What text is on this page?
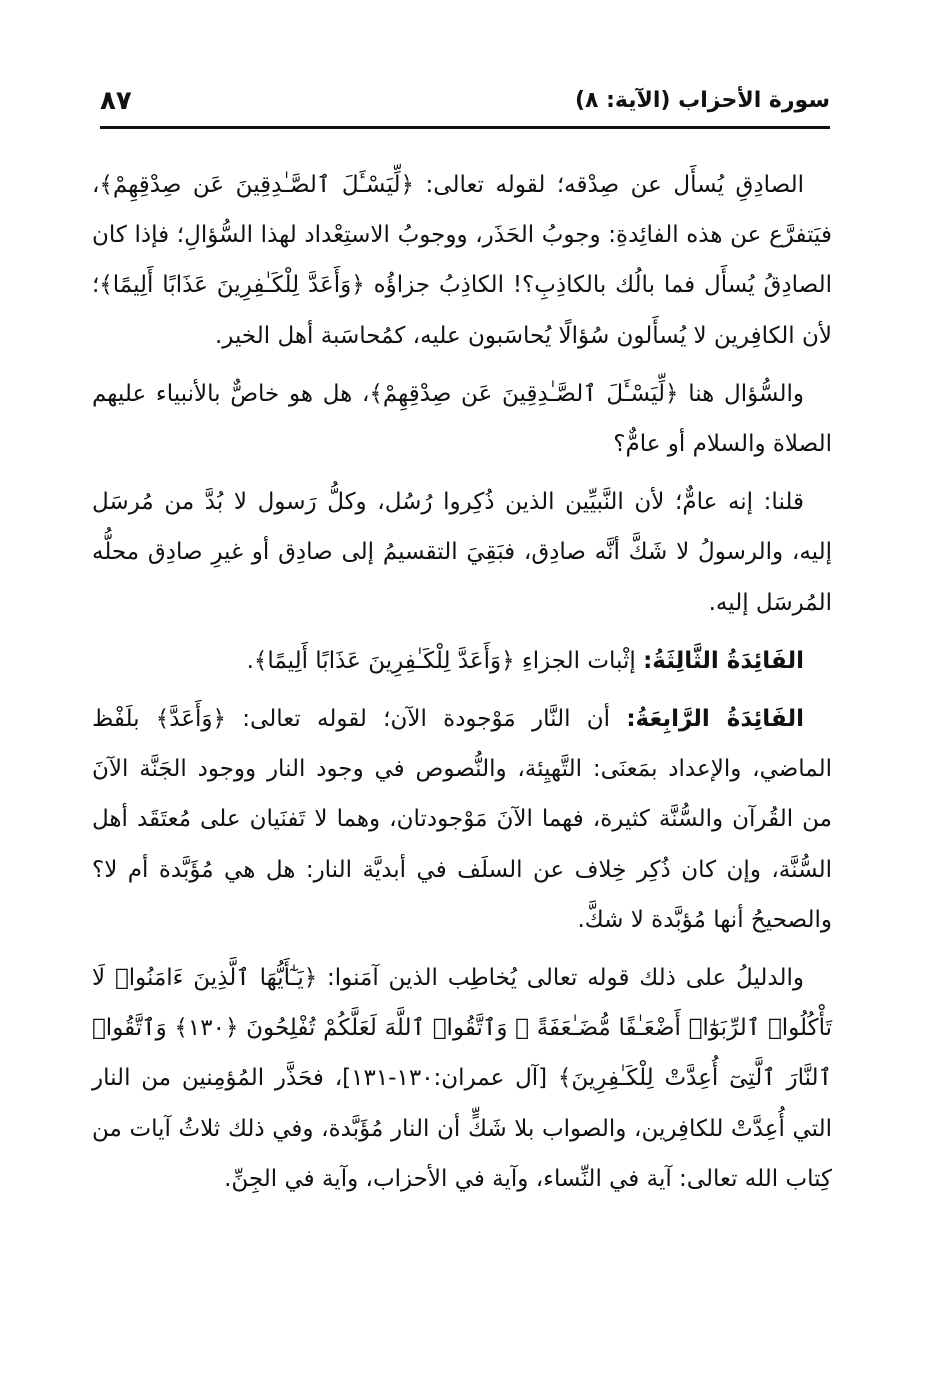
٨٧	سورة الأحزاب (الآية: ٨)

الصادِقِ يُسأَل عن صِدْقه؛ لقوله تعالى: ﴿لِّيَسْـَٔلَ ٱلصَّـٰدِقِينَ عَن صِدْقِهِمْ﴾، فيَتفرَّع عن هذه الفائِدةِ: وجوبُ الحَذَر، ووجوبُ الاستِعْداد لهذا السُّؤالِ؛ فإذا كان الصادِقُ يُسأَل فما بالُك بالكاذِبِ؟! الكاذِبُ جزاؤُه ﴿وَأَعَدَّ لِلْكَـٰفِرِينَ عَذَابًا أَلِيمًا﴾؛ لأن الكافِرين لا يُسأَلون سُؤالًا يُحاسَبون عليه، كمُحاسَبة أهل الخير.

والسُّؤال هنا ﴿لِّيَسْـَٔلَ ٱلصَّـٰدِقِينَ عَن صِدْقِهِمْ﴾، هل هو خاصٌّ بالأنبياء عليهم الصلاة والسلام أو عامٌّ؟

قلنا: إنه عامٌّ؛ لأن النَّبيِّين الذين ذُكِروا رُسُل، وكلُّ رَسول لا بُدَّ من مُرسَل إليه، والرسولُ لا شَكَّ أنَّه صادِق، فبَقِيَ التقسيمُ إلى صادِق أو غيرِ صادِق محلُّه المُرسَل إليه.

الفَائِدَةُ الثَّالِثَةُ: إثْبات الجزاءِ ﴿وَأَعَدَّ لِلْكَـٰفِرِينَ عَذَابًا أَلِيمًا﴾.

الفَائِدَةُ الرَّابِعَةُ: أن النَّار مَوْجودة الآن؛ لقوله تعالى: ﴿وَأَعَدَّ﴾ بلَفْظ الماضي، والإعداد بمَعنَى: التَّهيِئة، والنُّصوص في وجود النار ووجود الجَنَّة الآنَ من القُرآن والسُّنَّة كثيرة، فهما الآنَ مَوْجودتان، وهما لا تَفنَيان على مُعتَقَد أهل السُّنَّة، وإن كان ذُكِر خِلاف عن السلَف في أبديَّة النار: هل هي مُؤَبَّدة أم لا؟ والصحيحُ أنها مُؤبَّدة لا شكَّ.

والدليلُ على ذلك قوله تعالى يُخاطِب الذين آمَنوا: ﴿يَـٰٓأَيُّهَا ٱلَّذِينَ ءَامَنُوا۟ لَا تَأْكُلُوا۟ ٱلرِّبَوٰٓا۟ أَضْعَـٰفًا مُّضَـٰعَفَةً ۖ وَٱتَّقُوا۟ ٱللَّهَ لَعَلَّكُمْ تُفْلِحُونَ ﴿١٣٠﴾ وَٱتَّقُوا۟ ٱلنَّارَ ٱلَّتِىٓ أُعِدَّتْ لِلْكَـٰفِرِينَ﴾ [آل عمران:١٣٠-١٣١]، فحَذَّر المُؤمِنين من النار التي أُعِدَّتْ للكافِرين، والصواب بلا شَكٍّ أن النار مُؤَبَّدة، وفي ذلك ثلاثُ آيات من كِتاب الله تعالى: آية في النِّساء، وآية في الأحزاب، وآية في الجِنِّ.
